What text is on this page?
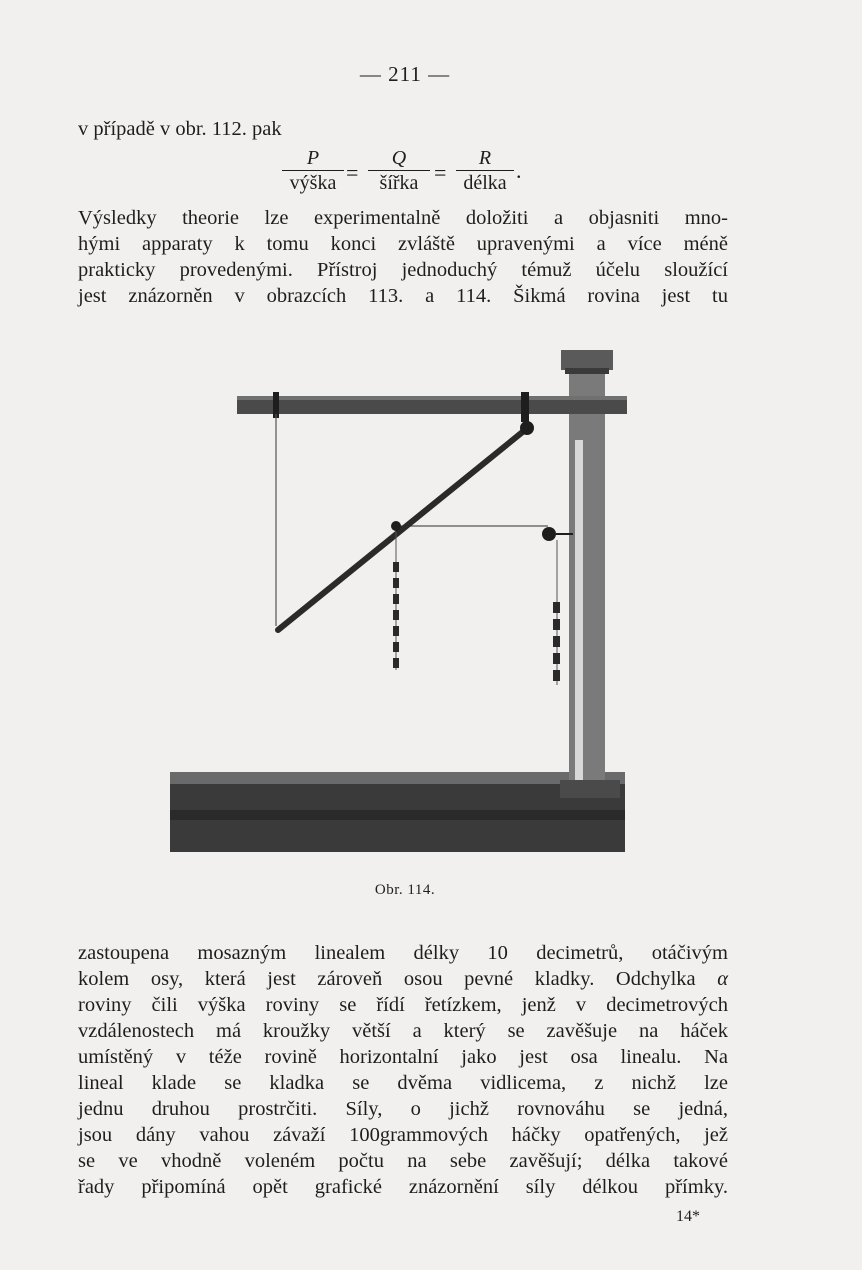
— 211 —
v případě v obr. 112. pak
P
výška =
Q
šířka =
R
délka .
Výsledky theorie lze experimentalně doložiti a objasniti mno-
hými apparaty k tomu konci zvláště upravenými a více méně
prakticky provedenými. Přístroj jednoduchý témuž účelu sloužící
jest znázorněn v obrazcích 113. a 114. Šikmá rovina jest tu
Obr. 114.
zastoupena mosazným linealem délky 10 decimetrů, otáčivým
kolem osy, která jest zároveň osou pevné kladky. Odchylka α
roviny čili výška roviny se řídí řetízkem, jenž v decimetrových
vzdálenostech má kroužky větší a který se zavěšuje na háček
umístěný v téže rovině horizontalní jako jest osa linealu. Na
lineal klade se kladka se dvěma vidlicema, z nichž lze
jednu druhou prostrčiti. Síly, o jichž rovnováhu se jedná,
jsou dány vahou závaží 100grammových háčky opatřených, jež
se ve vhodně voleném počtu na sebe zavěšují; délka takové
řady připomíná opět grafické znázornění síly délkou přímky.
14*
